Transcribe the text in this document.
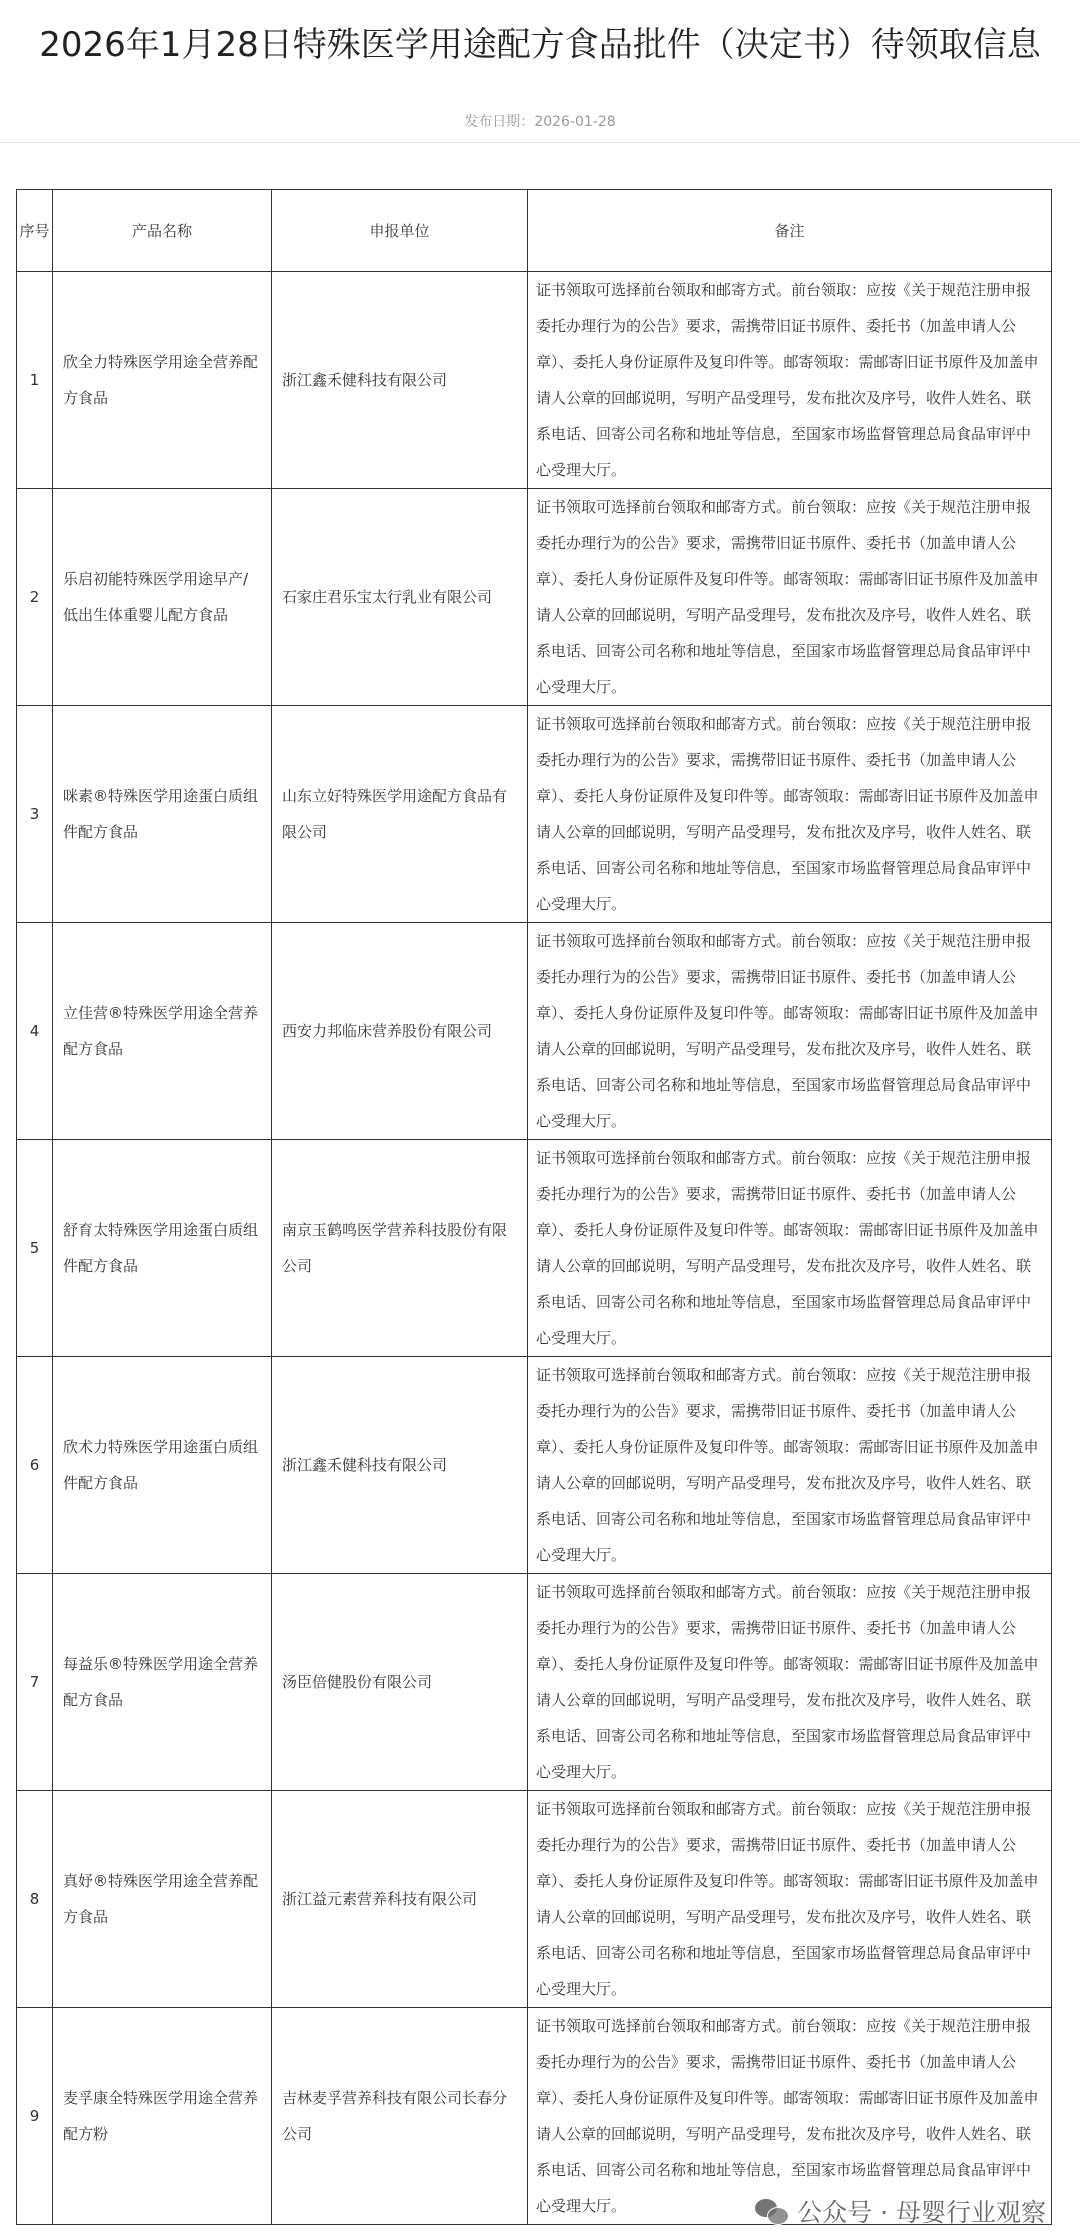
2026年1月28日特殊医学用途配方食品批件（决定书）待领取信息
发布日期：2026-01-28
序号	产品名称	申报单位	备注
1	欣全力特殊医学用途全营养配方食品	浙江鑫禾健科技有限公司	证书领取可选择前台领取和邮寄方式。前台领取：应按《关于规范注册申报委托办理行为的公告》要求，需携带旧证书原件、委托书（加盖申请人公章）、委托人身份证原件及复印件等。邮寄领取：需邮寄旧证书原件及加盖申请人公章的回邮说明，写明产品受理号，发布批次及序号，收件人姓名、联系电话、回寄公司名称和地址等信息，至国家市场监督管理总局食品审评中心受理大厅。
2	乐启初能特殊医学用途早产/低出生体重婴儿配方食品	石家庄君乐宝太行乳业有限公司	证书领取可选择前台领取和邮寄方式。前台领取：应按《关于规范注册申报委托办理行为的公告》要求，需携带旧证书原件、委托书（加盖申请人公章）、委托人身份证原件及复印件等。邮寄领取：需邮寄旧证书原件及加盖申请人公章的回邮说明，写明产品受理号，发布批次及序号，收件人姓名、联系电话、回寄公司名称和地址等信息，至国家市场监督管理总局食品审评中心受理大厅。
3	咪素®特殊医学用途蛋白质组件配方食品	山东立好特殊医学用途配方食品有限公司	证书领取可选择前台领取和邮寄方式。前台领取：应按《关于规范注册申报委托办理行为的公告》要求，需携带旧证书原件、委托书（加盖申请人公章）、委托人身份证原件及复印件等。邮寄领取：需邮寄旧证书原件及加盖申请人公章的回邮说明，写明产品受理号，发布批次及序号，收件人姓名、联系电话、回寄公司名称和地址等信息，至国家市场监督管理总局食品审评中心受理大厅。
4	立佳营®特殊医学用途全营养配方食品	西安力邦临床营养股份有限公司	证书领取可选择前台领取和邮寄方式。前台领取：应按《关于规范注册申报委托办理行为的公告》要求，需携带旧证书原件、委托书（加盖申请人公章）、委托人身份证原件及复印件等。邮寄领取：需邮寄旧证书原件及加盖申请人公章的回邮说明，写明产品受理号，发布批次及序号，收件人姓名、联系电话、回寄公司名称和地址等信息，至国家市场监督管理总局食品审评中心受理大厅。
5	舒育太特殊医学用途蛋白质组件配方食品	南京玉鹤鸣医学营养科技股份有限公司	证书领取可选择前台领取和邮寄方式。前台领取：应按《关于规范注册申报委托办理行为的公告》要求，需携带旧证书原件、委托书（加盖申请人公章）、委托人身份证原件及复印件等。邮寄领取：需邮寄旧证书原件及加盖申请人公章的回邮说明，写明产品受理号，发布批次及序号，收件人姓名、联系电话、回寄公司名称和地址等信息，至国家市场监督管理总局食品审评中心受理大厅。
6	欣术力特殊医学用途蛋白质组件配方食品	浙江鑫禾健科技有限公司	证书领取可选择前台领取和邮寄方式。前台领取：应按《关于规范注册申报委托办理行为的公告》要求，需携带旧证书原件、委托书（加盖申请人公章）、委托人身份证原件及复印件等。邮寄领取：需邮寄旧证书原件及加盖申请人公章的回邮说明，写明产品受理号，发布批次及序号，收件人姓名、联系电话、回寄公司名称和地址等信息，至国家市场监督管理总局食品审评中心受理大厅。
7	每益乐®特殊医学用途全营养配方食品	汤臣倍健股份有限公司	证书领取可选择前台领取和邮寄方式。前台领取：应按《关于规范注册申报委托办理行为的公告》要求，需携带旧证书原件、委托书（加盖申请人公章）、委托人身份证原件及复印件等。邮寄领取：需邮寄旧证书原件及加盖申请人公章的回邮说明，写明产品受理号，发布批次及序号，收件人姓名、联系电话、回寄公司名称和地址等信息，至国家市场监督管理总局食品审评中心受理大厅。
8	真妤®特殊医学用途全营养配方食品	浙江益元素营养科技有限公司	证书领取可选择前台领取和邮寄方式。前台领取：应按《关于规范注册申报委托办理行为的公告》要求，需携带旧证书原件、委托书（加盖申请人公章）、委托人身份证原件及复印件等。邮寄领取：需邮寄旧证书原件及加盖申请人公章的回邮说明，写明产品受理号，发布批次及序号，收件人姓名、联系电话、回寄公司名称和地址等信息，至国家市场监督管理总局食品审评中心受理大厅。
9	麦孚康全特殊医学用途全营养配方粉	吉林麦孚营养科技有限公司长春分公司	证书领取可选择前台领取和邮寄方式。前台领取：应按《关于规范注册申报委托办理行为的公告》要求，需携带旧证书原件、委托书（加盖申请人公章）、委托人身份证原件及复印件等。邮寄领取：需邮寄旧证书原件及加盖申请人公章的回邮说明，写明产品受理号，发布批次及序号，收件人姓名、联系电话、回寄公司名称和地址等信息，至国家市场监督管理总局食品审评中心受理大厅。	公众号 · 母婴行业观察
